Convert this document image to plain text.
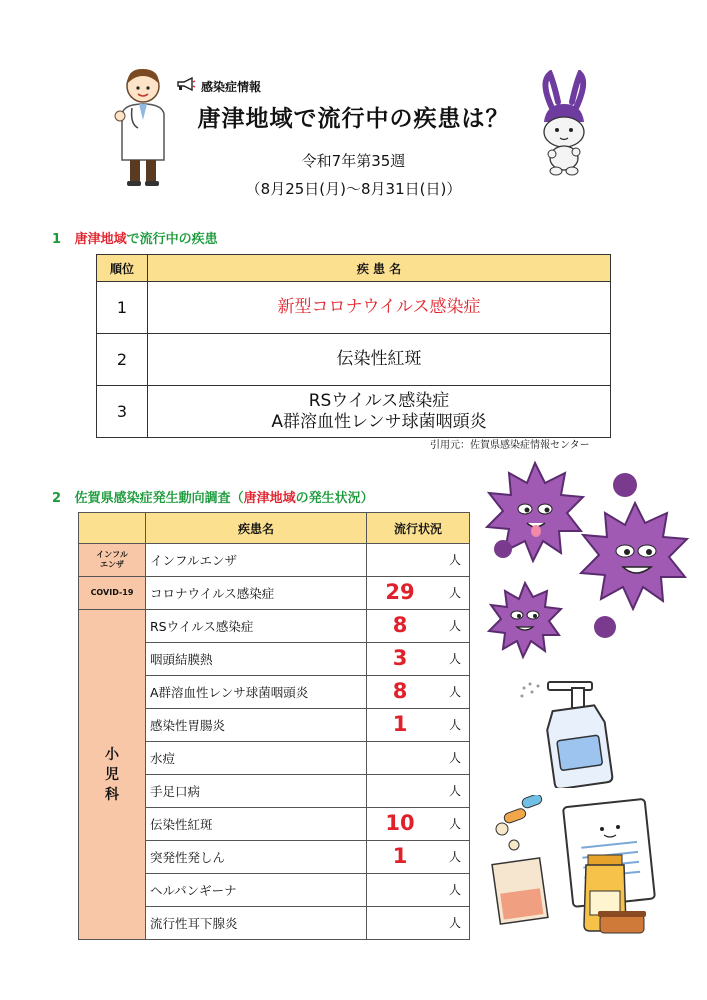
感染症情報
唐津地域で流行中の疾患は？
令和7年第35週
（8月25日(月)～8月31日(日)）
1 唐津地域で流行中の疾患
順位	疾 患 名
1	新型コロナウイルス感染症
2	伝染性紅斑
3	RSウイルス感染症
A群溶血性レンサ球菌咽頭炎
引用元：佐賀県感染症情報センター
2 佐賀県感染症発生動向調査（唐津地域の発生状況）
	疾患名	流行状況
インフル
エンザ	インフルエンザ	人

COVID-19	コロナウイルス感染症	29 人

小
児
科	RSウイルス感染症	8 人

	咽頭結膜熱	3 人

	A群溶血性レンサ球菌咽頭炎	8 人

	感染性胃腸炎	1 人

	水痘	人

	手足口病	人

	伝染性紅斑	10 人

	突発性発しん	1 人

	ヘルパンギーナ	人

	流行性耳下腺炎	人
